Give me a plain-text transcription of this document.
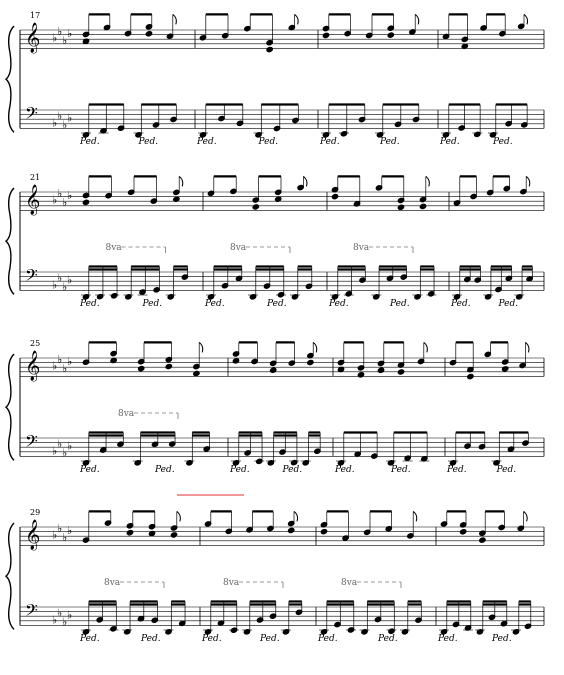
17
𝄞
𝄢
♭
♭
♭
♭
♭
♭
♭
♭
Ped.	Ped.	Ped.	Ped.	Ped.	Ped.	Ped.	Ped.
21
𝄞
𝄢
♭
♭
♭
♭
♭
♭
♭
♭
8va	8va	8va
Ped.	Ped.	Ped.	Ped.	Ped.	Ped.	Ped.	Ped.
25
𝄞
𝄢
♭
♭
♭
♭
♭
♭
♭
♭
8va
Ped.	Ped.	Ped.	Ped.	Ped.	Ped.	Ped.	Ped.
29
𝄞
𝄢
♭
♭
♭
♭
♭
♭
♭
♭
8va	8va	8va
Ped.	Ped.	Ped.	Ped.	Ped.	Ped.	Ped.	Ped.
